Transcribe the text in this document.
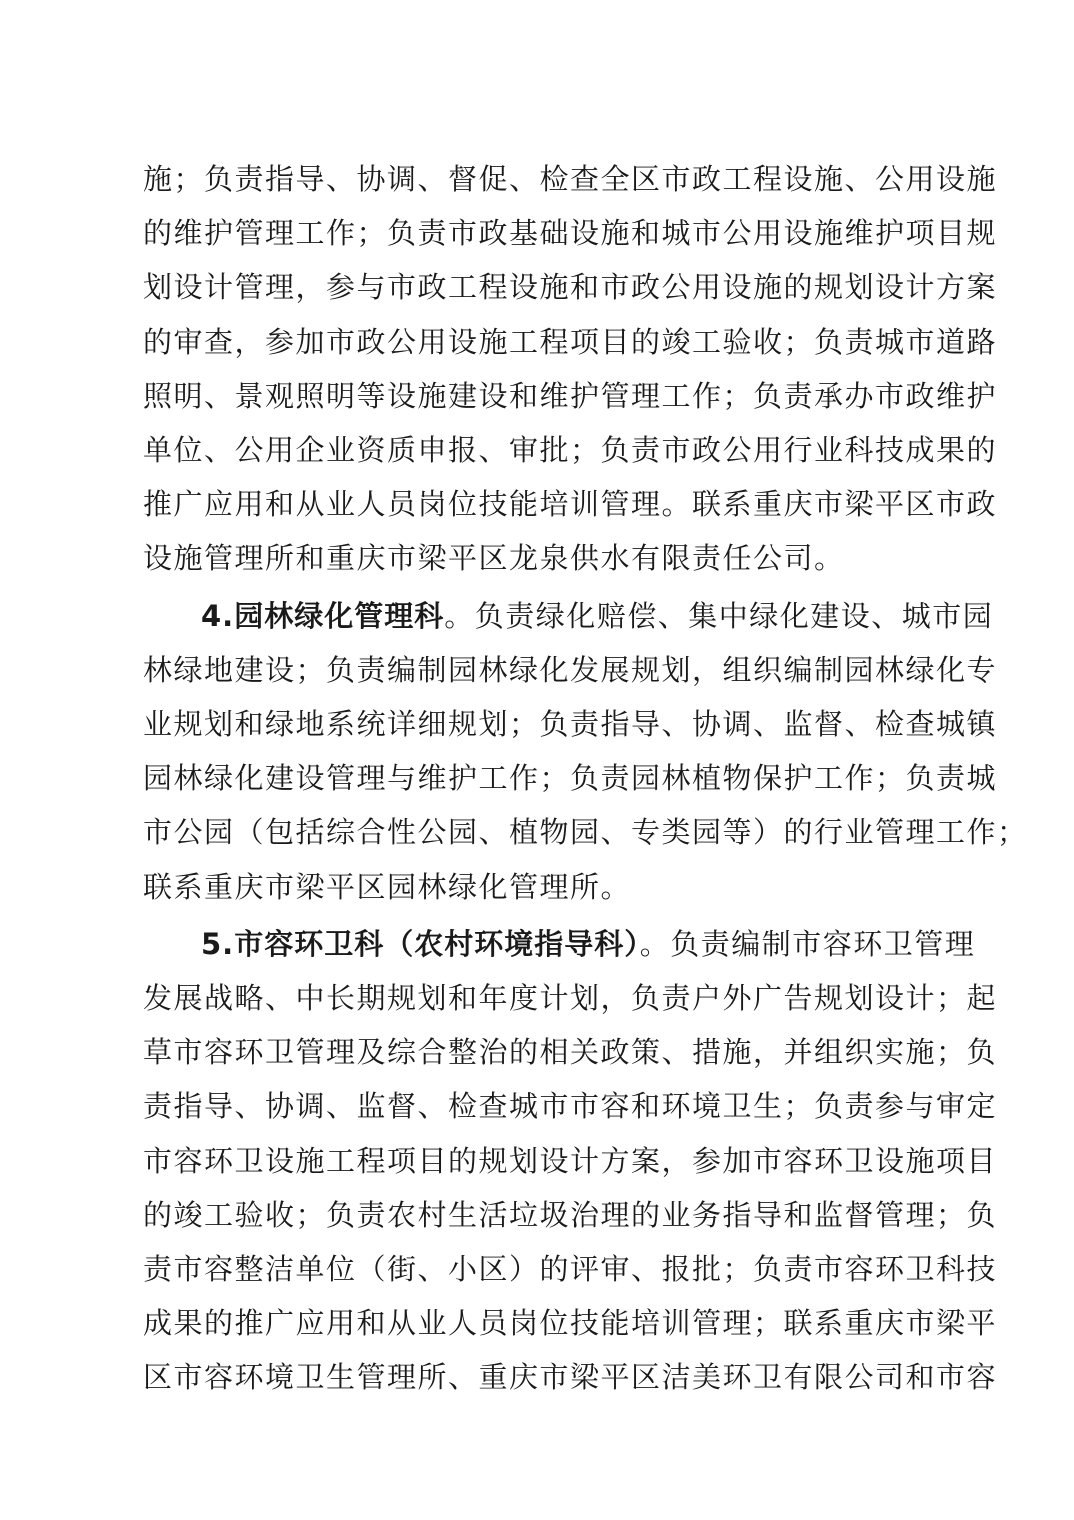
施；负责指导、协调、督促、检查全区市政工程设施、公用设施
的维护管理工作；负责市政基础设施和城市公用设施维护项目规
划设计管理，参与市政工程设施和市政公用设施的规划设计方案
的审查，参加市政公用设施工程项目的竣工验收；负责城市道路
照明、景观照明等设施建设和维护管理工作；负责承办市政维护
单位、公用企业资质申报、审批；负责市政公用行业科技成果的
推广应用和从业人员岗位技能培训管理。联系重庆市梁平区市政
设施管理所和重庆市梁平区龙泉供水有限责任公司。
4.园林绿化管理科。负责绿化赔偿、集中绿化建设、城市园
林绿地建设；负责编制园林绿化发展规划，组织编制园林绿化专
业规划和绿地系统详细规划；负责指导、协调、监督、检查城镇
园林绿化建设管理与维护工作；负责园林植物保护工作；负责城
市公园（包括综合性公园、植物园、专类园等）的行业管理工作；
联系重庆市梁平区园林绿化管理所。
5.市容环卫科（农村环境指导科）。负责编制市容环卫管理
发展战略、中长期规划和年度计划，负责户外广告规划设计；起
草市容环卫管理及综合整治的相关政策、措施，并组织实施；负
责指导、协调、监督、检查城市市容和环境卫生；负责参与审定
市容环卫设施工程项目的规划设计方案，参加市容环卫设施项目
的竣工验收；负责农村生活垃圾治理的业务指导和监督管理；负
责市容整洁单位（街、小区）的评审、报批；负责市容环卫科技
成果的推广应用和从业人员岗位技能培训管理；联系重庆市梁平
区市容环境卫生管理所、重庆市梁平区洁美环卫有限公司和市容
